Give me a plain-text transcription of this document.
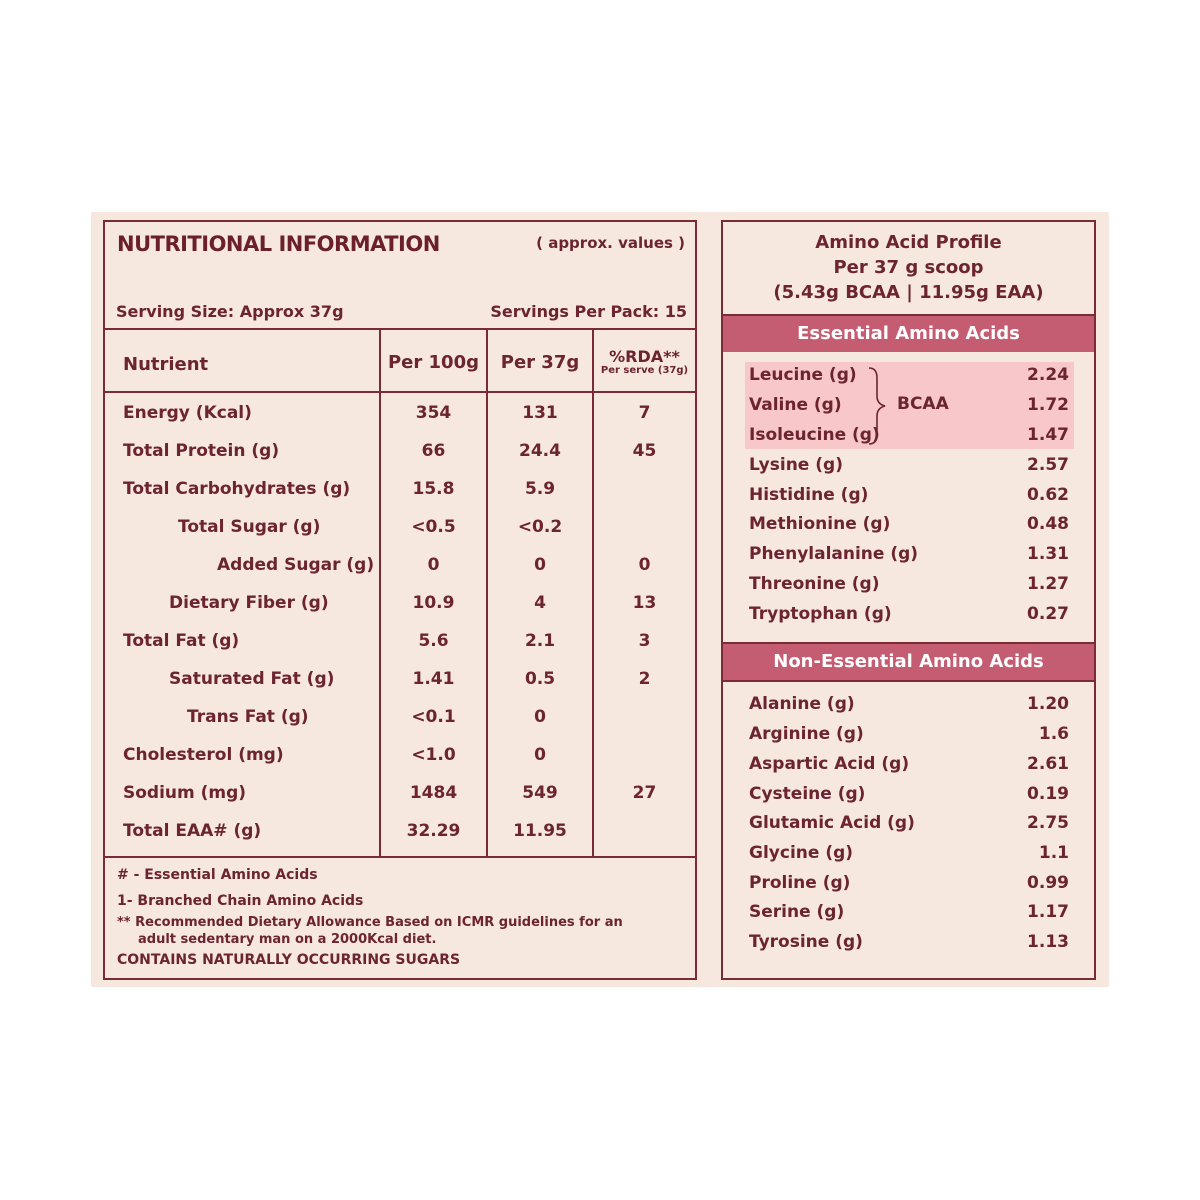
NUTRITIONAL INFORMATION	( approx. values )
Serving Size: Approx 37g	Servings Per Pack: 15
Nutrient	Per 100g	Per 37g	%RDA**
Per serve (37g)
Energy (Kcal)	354	131	7
Total Protein (g)	66	24.4	45
Total Carbohydrates (g)	15.8	5.9
Total Sugar (g)	<0.5	<0.2
Added Sugar (g)	0	0	0
Dietary Fiber (g)	10.9	4	13
Total Fat (g)	5.6	2.1	3
Saturated Fat (g)	1.41	0.5	2
Trans Fat (g)	<0.1	0
Cholesterol (mg)	<1.0	0
Sodium (mg)	1484	549	27
Total EAA# (g)	32.29	11.95
# - Essential Amino Acids
1- Branched Chain Amino Acids
** Recommended Dietary Allowance Based on ICMR guidelines for an
adult sedentary man on a 2000Kcal diet.
CONTAINS NATURALLY OCCURRING SUGARS
Amino Acid Profile
Per 37 g scoop
(5.43g BCAA | 11.95g EAA)
Essential Amino Acids
BCAA
Leucine (g)	2.24
Valine (g)	1.72
Isoleucine (g)	1.47
Lysine (g)	2.57
Histidine (g)	0.62
Methionine (g)	0.48
Phenylalanine (g)	1.31
Threonine (g)	1.27
Tryptophan (g)	0.27
Non-Essential Amino Acids
Alanine (g)	1.20
Arginine (g)	1.6
Aspartic Acid (g)	2.61
Cysteine (g)	0.19
Glutamic Acid (g)	2.75
Glycine (g)	1.1
Proline (g)	0.99
Serine (g)	1.17
Tyrosine (g)	1.13
